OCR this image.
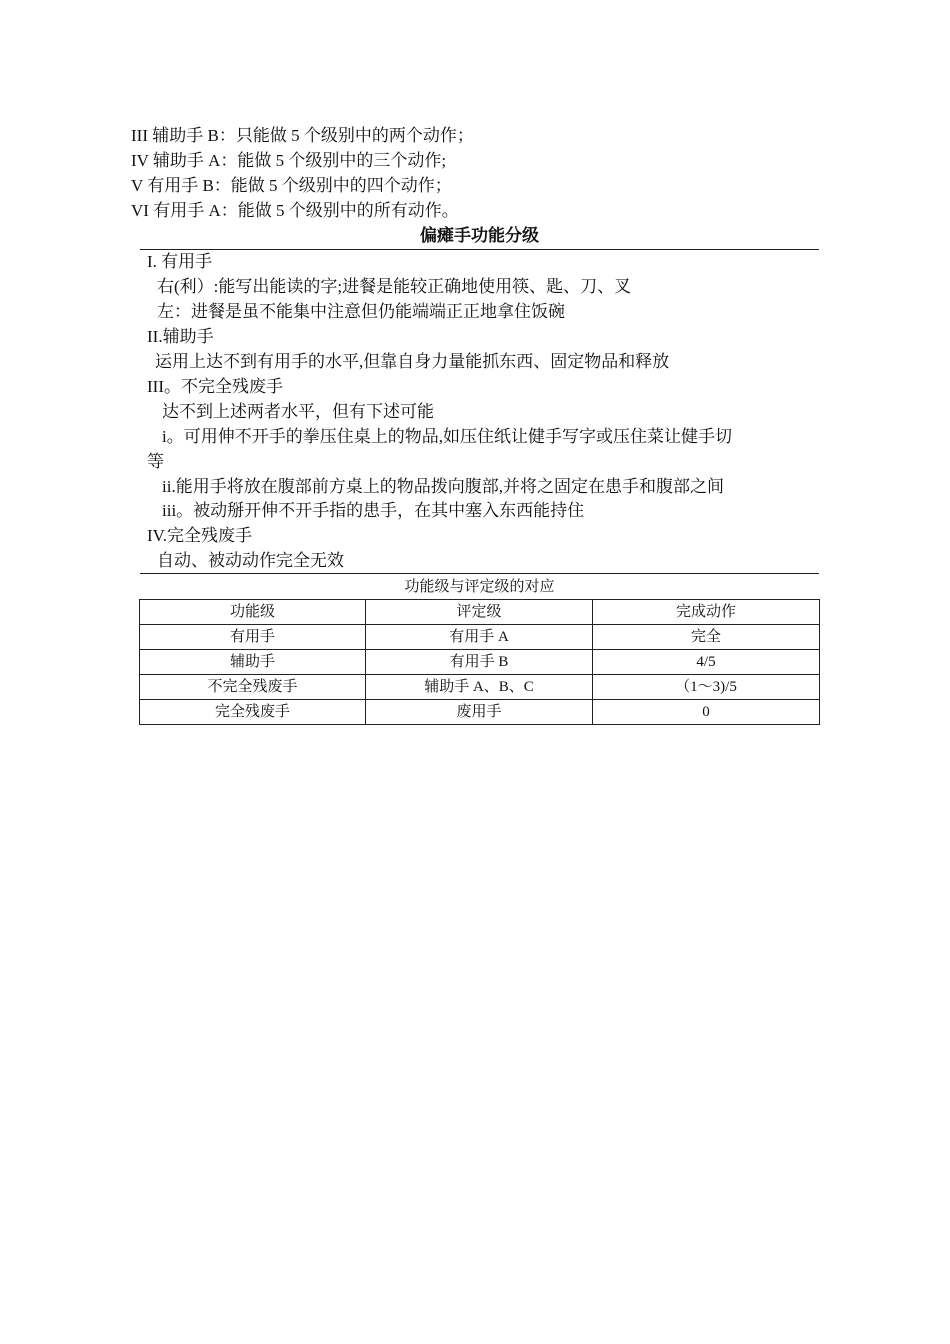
III 辅助手 B：只能做 5 个级别中的两个动作；
IV 辅助手 A：能做 5 个级别中的三个动作;
V 有用手 B：能做 5 个级别中的四个动作；
VI 有用手 A：能做 5 个级别中的所有动作。
偏瘫手功能分级
I. 有用手
右(利）:能写出能读的字;进餐是能较正确地使用筷、匙、刀、叉
左：进餐是虽不能集中注意但仍能端端正正地拿住饭碗
II.辅助手
运用上达不到有用手的水平,但靠自身力量能抓东西、固定物品和释放
III。不完全残废手
达不到上述两者水平，但有下述可能
i。可用伸不开手的拳压住桌上的物品,如压住纸让健手写字或压住菜让健手切
等
ii.能用手将放在腹部前方桌上的物品拨向腹部,并将之固定在患手和腹部之间
iii。被动掰开伸不开手指的患手，在其中塞入东西能持住
IV.完全残废手
自动、被动动作完全无效
功能级与评定级的对应
功能级	评定级	完成动作
有用手	有用手 A	完全
辅助手	有用手 B	4/5
不完全残废手	辅助手 A、B、C	（1～3)/5
完全残废手	废用手	0
